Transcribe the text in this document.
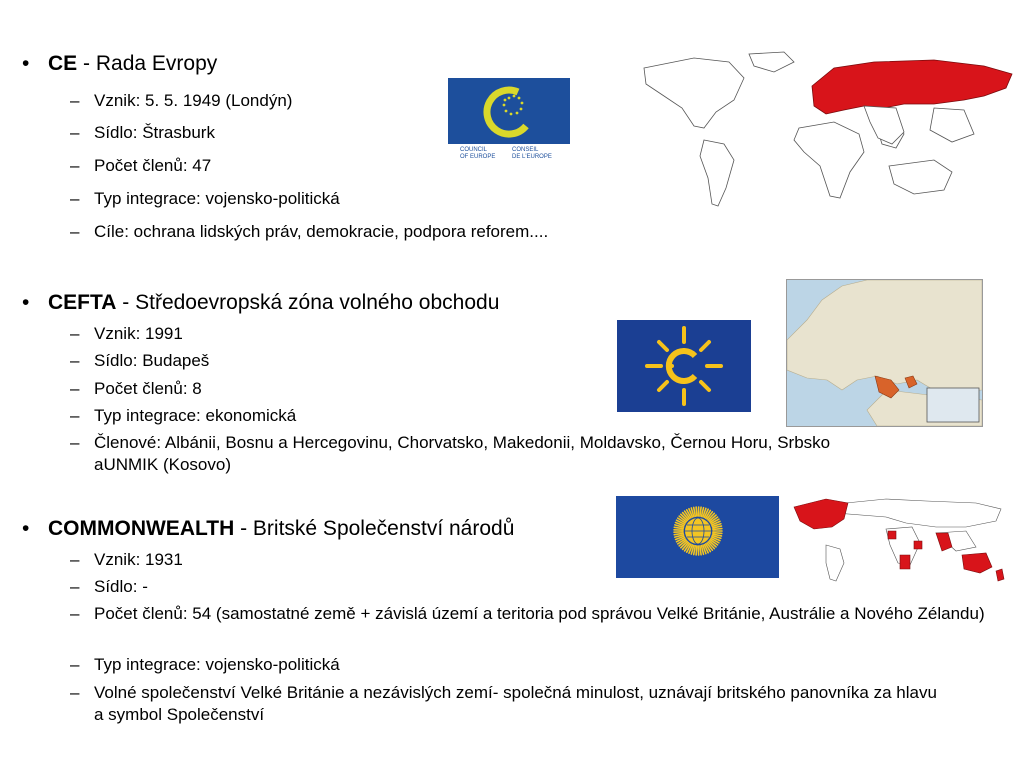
• CE - Rada Evropy
– Vznik: 5. 5. 1949 (Londýn)
– Sídlo: Štrasburk
– Počet členů: 47
– Typ integrace: vojensko-politická
– Cíle: ochrana lidských práv, demokracie, podpora reforem....
COUNCIL
OF EUROPE
CONSEIL
DE L'EUROPE
• CEFTA - Středoevropská zóna volného obchodu
– Vznik: 1991
– Sídlo: Budapeš
– Počet členů: 8
– Typ integrace: ekonomická
– Členové: Albánii, Bosnu a Hercegovinu, Chorvatsko, Makedonii, Moldavsko, Černou Horu, Srbsko aUNMIK (Kosovo)
• COMMONWEALTH - Britské Společenství národů
– Vznik: 1931
– Sídlo: -
– Počet členů: 54 (samostatné země + závislá území a teritoria pod správou Velké Británie, Austrálie a Nového Zélandu)
– Typ integrace: vojensko-politická
– Volné společenství Velké Británie a nezávislých zemí- společná minulost, uznávají britského panovníka za hlavu a symbol Společenství
